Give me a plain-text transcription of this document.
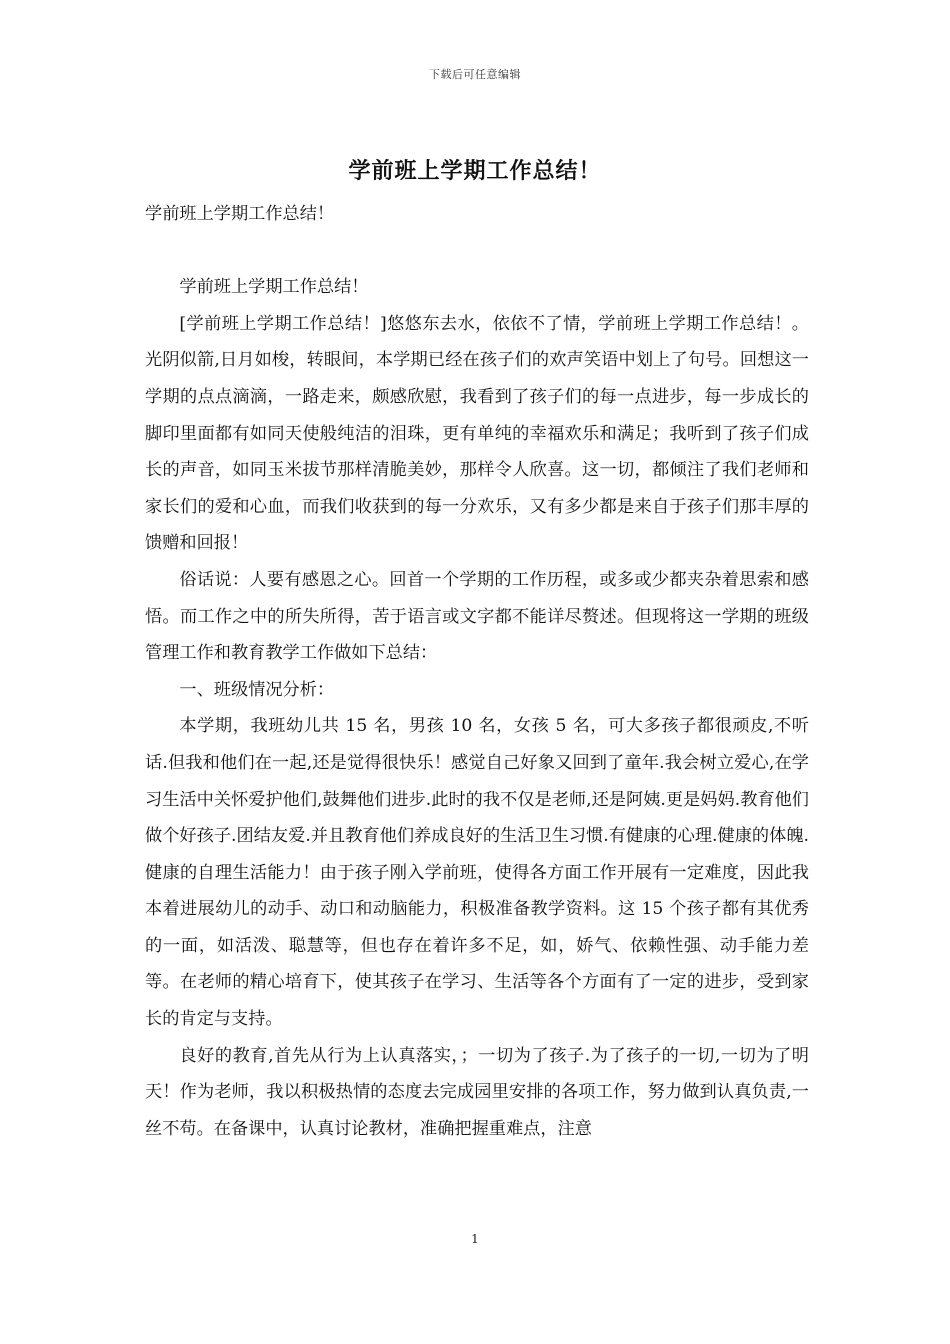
下载后可任意编辑
学前班上学期工作总结！

学前班上学期工作总结！

学前班上学期工作总结！

[学前班上学期工作总结！]悠悠东去水，依依不了情，学前班上学期工作总结！。光阴似箭,日月如梭，转眼间，本学期已经在孩子们的欢声笑语中划上了句号。回想这一学期的点点滴滴，一路走来，颇感欣慰，我看到了孩子们的每一点进步，每一步成长的脚印里面都有如同天使般纯洁的泪珠，更有单纯的幸福欢乐和满足；我听到了孩子们成长的声音，如同玉米拔节那样清脆美妙，那样令人欣喜。这一切，都倾注了我们老师和家长们的爱和心血，而我们收获到的每一分欢乐，又有多少都是来自于孩子们那丰厚的馈赠和回报！

俗话说：人要有感恩之心。回首一个学期的工作历程，或多或少都夹杂着思索和感悟。而工作之中的所失所得，苦于语言或文字都不能详尽赘述。但现将这一学期的班级管理工作和教育教学工作做如下总结：

一、班级情况分析：

本学期，我班幼儿共 15 名，男孩 10 名，女孩 5 名，可大多孩子都很顽皮,不听话.但我和他们在一起,还是觉得很快乐！感觉自己好象又回到了童年.我会树立爱心,在学习生活中关怀爱护他们,鼓舞他们进步.此时的我不仅是老师,还是阿姨.更是妈妈.教育他们做个好孩子.团结友爱.并且教育他们养成良好的生活卫生习惯.有健康的心理.健康的体魄.健康的自理生活能力！由于孩子刚入学前班，使得各方面工作开展有一定难度，因此我本着进展幼儿的动手、动口和动脑能力，积极准备教学资料。这 15 个孩子都有其优秀的一面，如活泼、聪慧等，但也存在着许多不足，如，娇气、依赖性强、动手能力差等。在老师的精心培育下，使其孩子在学习、生活等各个方面有了一定的进步，受到家长的肯定与支持。

良好的教育,首先从行为上认真落实，；一切为了孩子.为了孩子的一切,一切为了明天！作为老师，我以积极热情的态度去完成园里安排的各项工作，努力做到认真负责,一丝不苟。在备课中，认真讨论教材，准确把握重难点，注意

1
